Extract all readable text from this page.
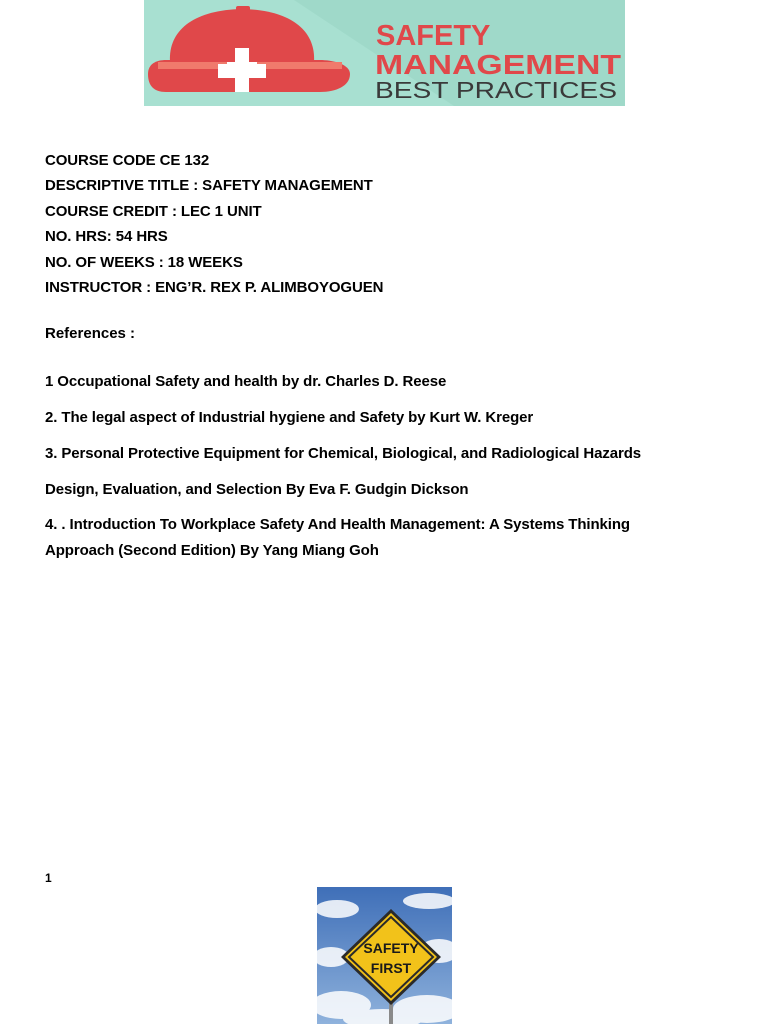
SAFETY
MANAGEMENT
BEST PRACTICES
COURSE CODE CE 132
DESCRIPTIVE TITLE : SAFETY MANAGEMENT
COURSE CREDIT : LEC 1 UNIT
NO. HRS: 54 HRS
NO. OF WEEKS : 18 WEEKS
INSTRUCTOR : ENG’R. REX P. ALIMBOYOGUEN
References :
1 Occupational Safety and health by dr. Charles D. Reese
2. The legal aspect of Industrial hygiene and Safety by Kurt W. Kreger
3. Personal Protective Equipment for Chemical, Biological, and Radiological Hazards
Design, Evaluation, and Selection By Eva F. Gudgin Dickson
4. . Introduction To Workplace Safety And Health Management: A Systems Thinking
Approach (Second Edition) By Yang Miang Goh
1
SAFETY
FIRST
